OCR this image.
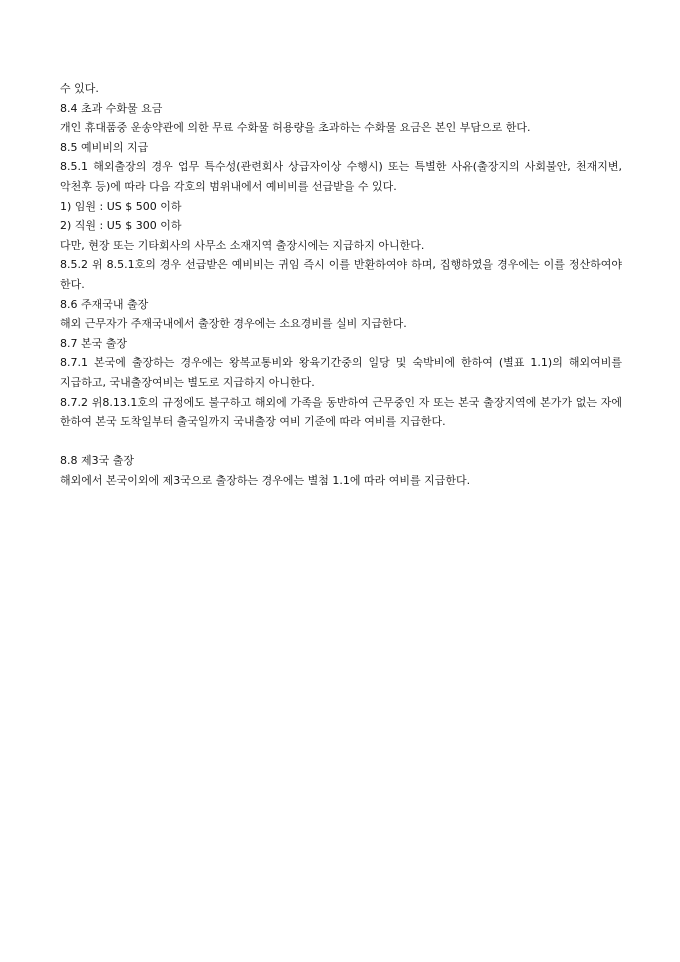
수 있다.
8.4 초과 수화물 요금
개인 휴대품중 운송약관에 의한 무료 수화물 허용량을 초과하는 수화물 요금은 본인 부담으로 한다.
8.5 예비비의 지급
8.5.1 해외출장의 경우 업무 특수성(관련회사 상급자이상 수행시) 또는 특별한 사유(출장지의 사회불안, 천재지변, 악천후 등)에 따라 다음 각호의 범위내에서 예비비를 선급받을 수 있다.
1) 임원 : US $ 500 이하
2) 직원 : U5 $ 300 이하
다만, 현장 또는 기타회사의 사무소 소재지역 출장시에는 지급하지 아니한다.
8.5.2 위 8.5.1호의 경우 선급받은 예비비는 귀임 즉시 이를 반환하여야 하며, 집행하였을 경우에는 이를 정산하여야 한다.
8.6 주재국내 출장
해외 근무자가 주재국내에서 출장한 경우에는 소요경비를 실비 지급한다.
8.7 본국 출장
8.7.1 본국에 출장하는 경우에는 왕복교통비와 왕육기간중의 일당 및 숙박비에 한하여 (별표 1.1)의 해외여비를 지급하고, 국내출장여비는 별도로 지급하지 아니한다.
8.7.2 위8.13.1호의 규정에도 불구하고 해외에 가족을 동반하여 근무중인 자 또는 본국 출장지역에 본가가 없는 자에 한하여 본국 도착일부터 출국일까지 국내출장 여비 기준에 따라 여비를 지급한다.
8.8 제3국 출장
해외에서 본국이외에 제3국으로 출장하는 경우에는 별첨 1.1에 따라 여비를 지급한다.
